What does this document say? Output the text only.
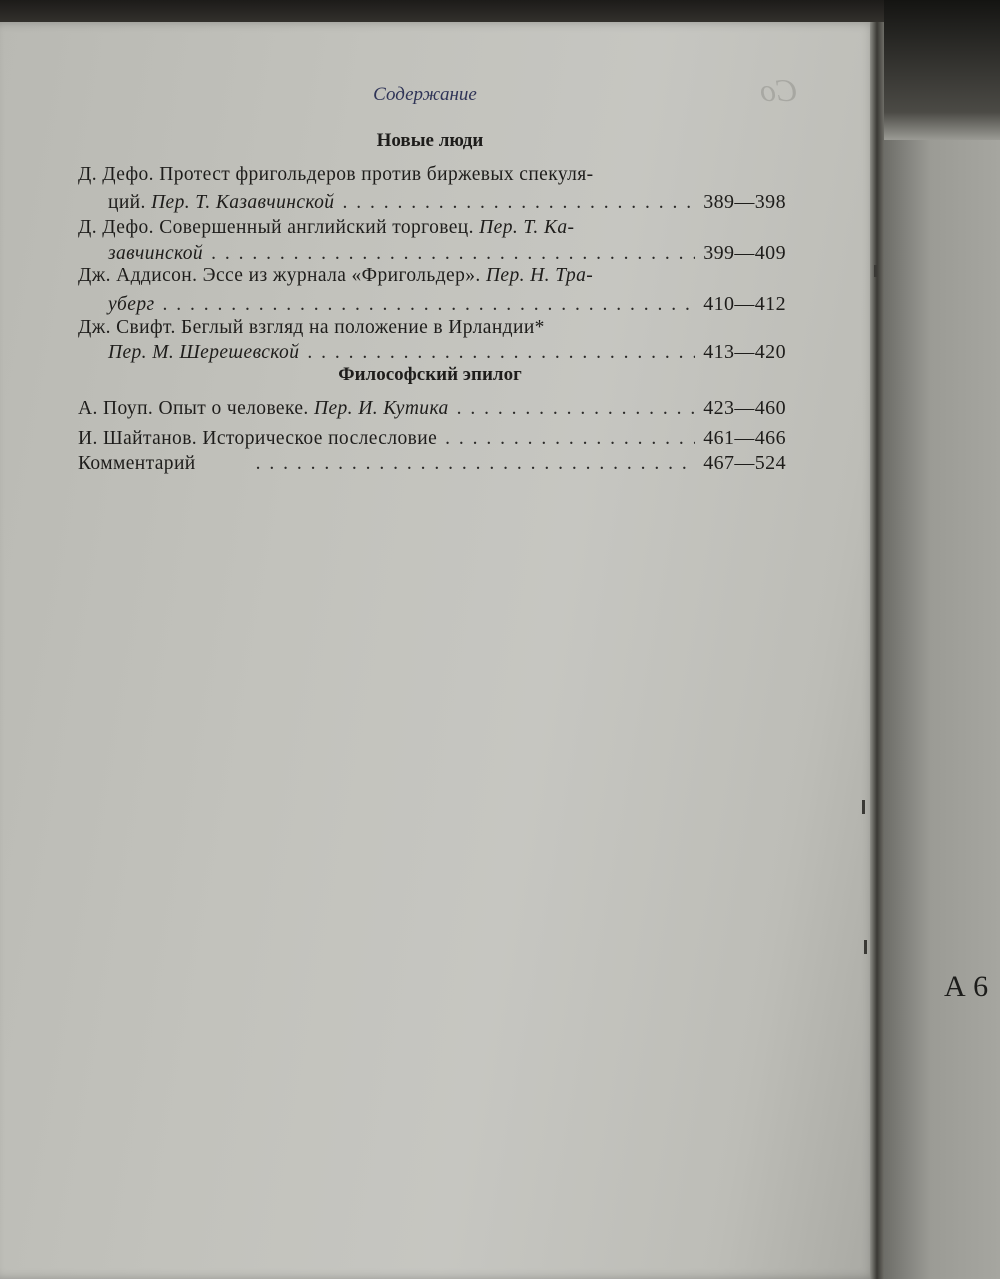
А 6
Со
Содержание
Новые люди
Д. Дефо. Протест фригольдеров против биржевых спекуля-
ций. Пер. Т. Казавчинской . . .	389—398
Д. Дефо. Совершенный английский торговец. Пер. Т. Ка-
завчинской . . .	399—409
Дж. Аддисон. Эссе из журнала «Фригольдер». Пер. Н. Тра-
уберг . . .	410—412
Дж. Свифт. Беглый взгляд на положение в Ирландии*
Пер. М. Шерешевской . . .	413—420
Философский эпилог
А. Поуп. Опыт о человеке. Пер. И. Кутика . . .	423—460
И. Шайтанов. Историческое послесловие . . .	461—466
Комментарий . . .	467—524
